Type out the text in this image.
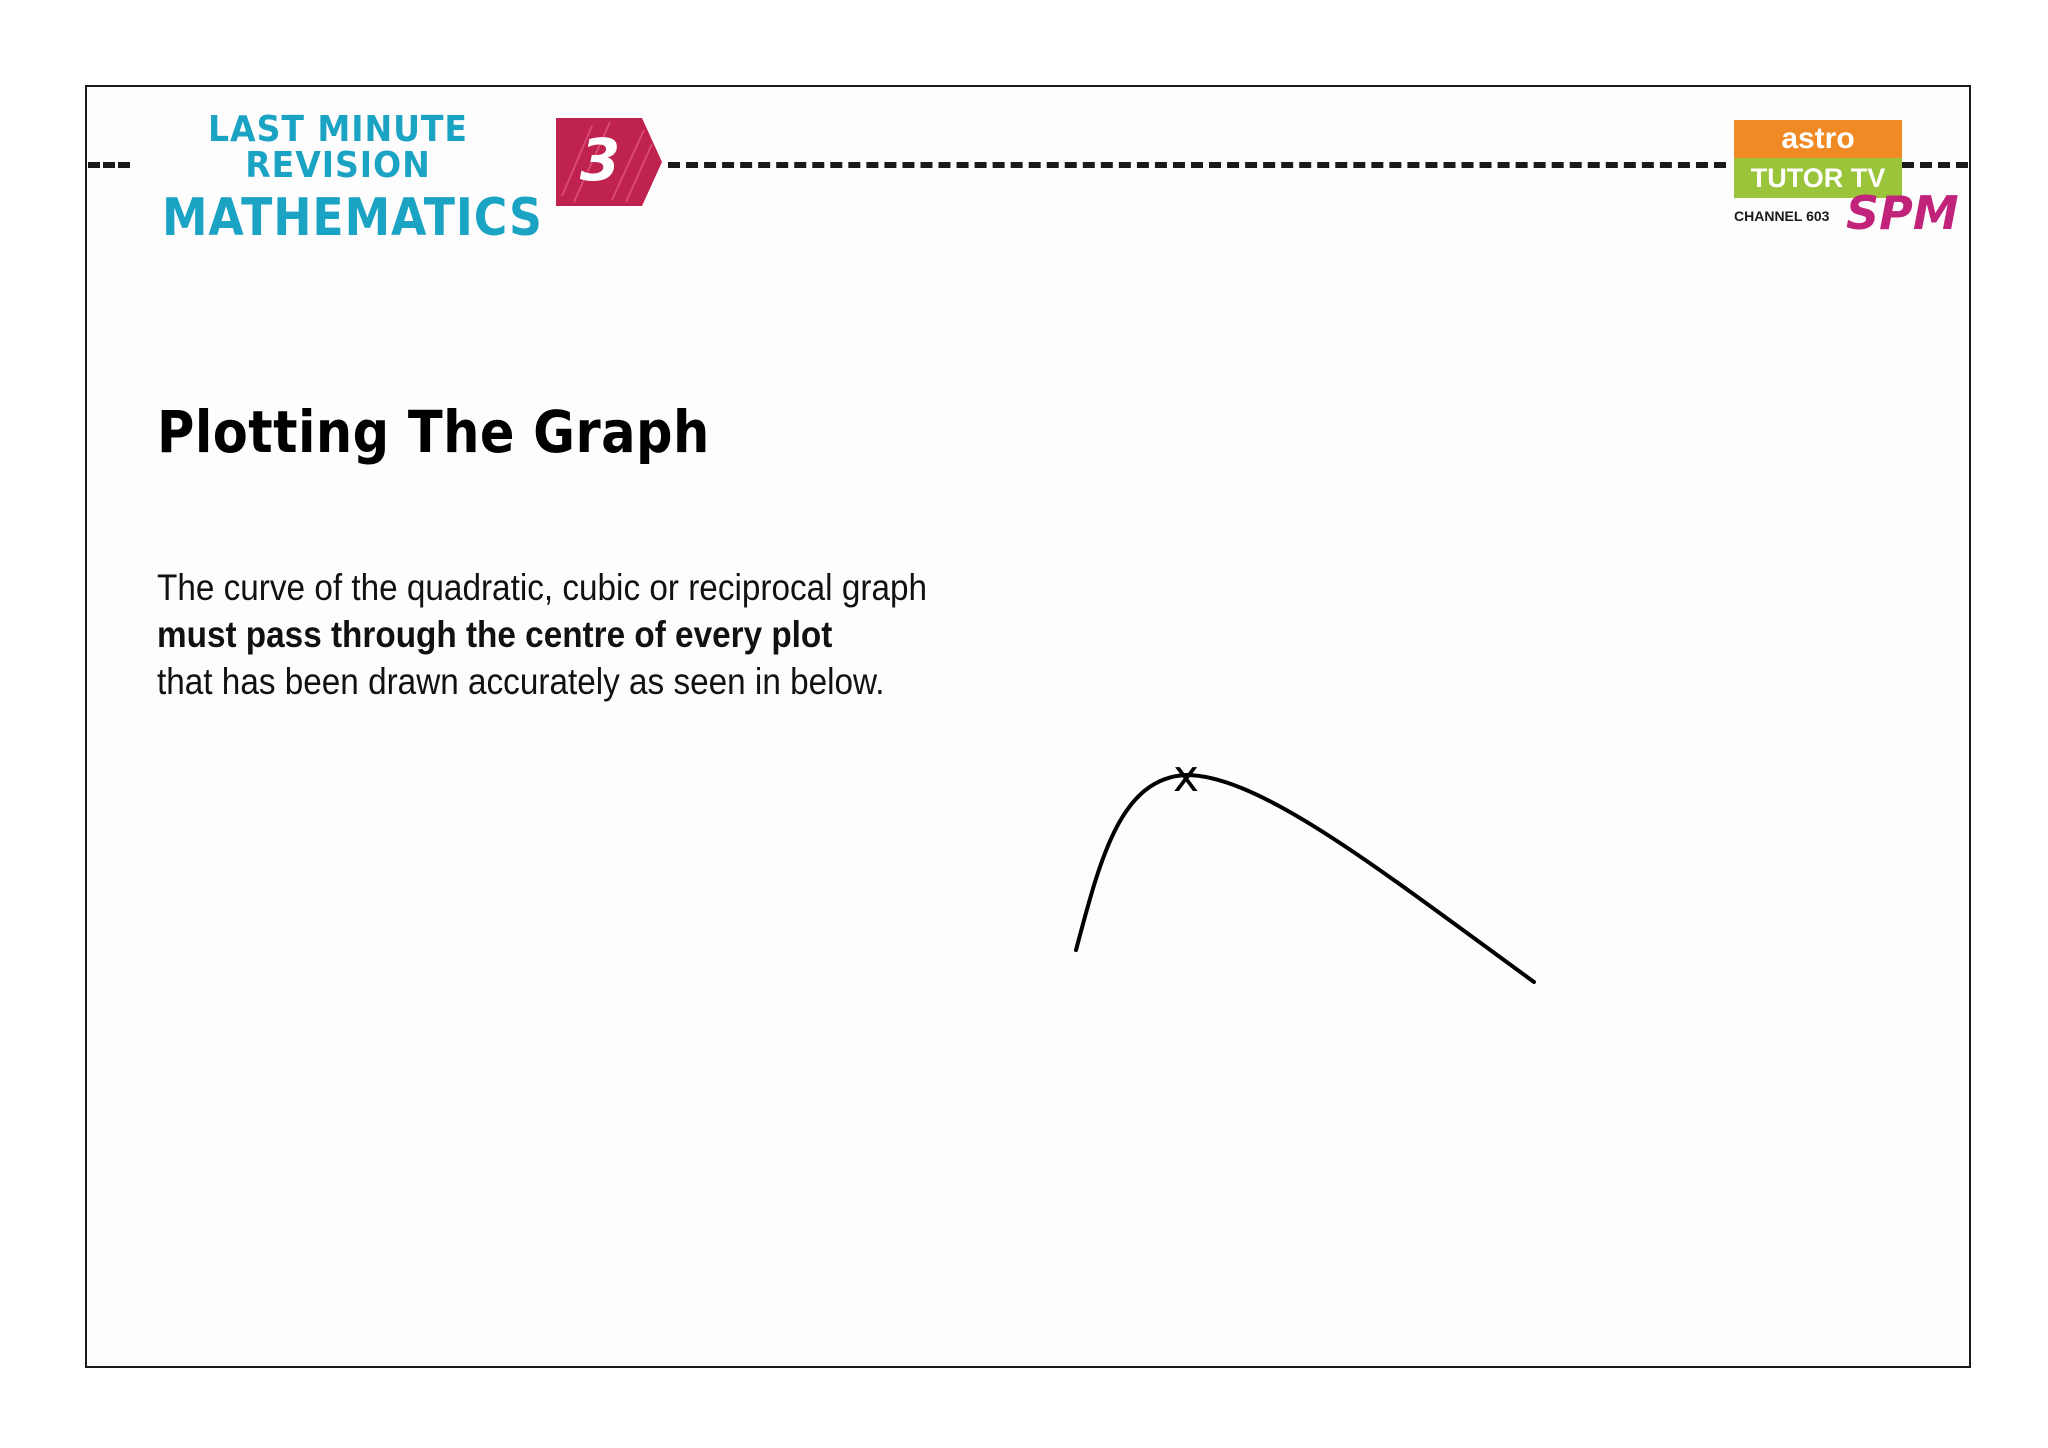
LAST MINUTE REVISION
MATHEMATICS
3	astro
TUTOR TV
CHANNEL 603 SPM
Plotting The Graph
The curve of the quadratic, cubic or reciprocal graph
must pass through the centre of every plot
that has been drawn accurately as seen in below.
x
